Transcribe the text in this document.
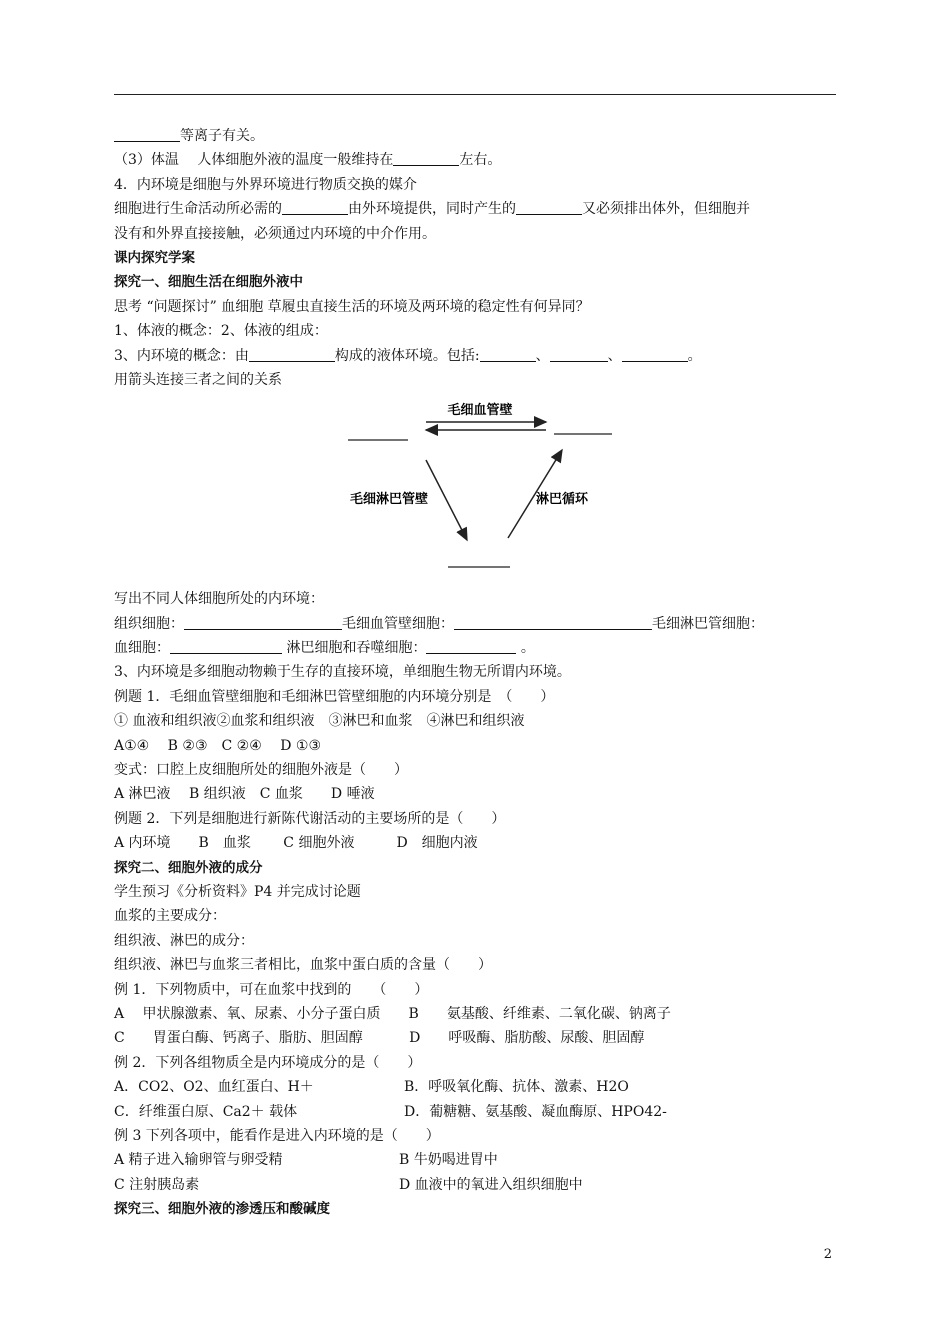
等离子有关。
（3）体温　 人体细胞外液的温度一般维持在	左右。
4．内环境是细胞与外界环境进行物质交换的媒介
细胞进行生命活动所必需的	由外环境提供，同时产生的	又必须排出体外，但细胞并
没有和外界直接接触，必须通过内环境的中介作用。
课内探究学案
探究一、细胞生活在细胞外液中
思考 “问题探讨” 血细胞 草履虫直接生活的环境及两环境的稳定性有何异同？
1、体液的概念：2、体液的组成：
3、内环境的概念：由	构成的液体环境。包括:	、	、	。
用箭头连接三者之间的关系
毛细血管壁
毛细淋巴管壁	淋巴循环
写出不同人体细胞所处的内环境：
组织细胞：	毛细血管壁细胞：	毛细淋巴管细胞：
血细胞：	淋巴细胞和吞噬细胞：	。
3、内环境是多细胞动物赖于生存的直接环境，单细胞生物无所谓内环境。
例题 1．毛细血管壁细胞和毛细淋巴管壁细胞的内环境分别是　（　　）
① 血液和组织液②血浆和组织液　③淋巴和血浆　④淋巴和组织液
A①④　 B ②③　C ②④　 D ①③
变式：口腔上皮细胞所处的细胞外液是（　　）
A 淋巴液　 B 组织液　C 血浆　　D 唾液
例题 2．下列是细胞进行新陈代谢活动的主要场所的是（　　）
A 内环境　　B　血浆　　 C 细胞外液　　　D　细胞内液
探究二、细胞外液的成分
学生预习《分析资料》P4 并完成讨论题
血浆的主要成分：
组织液、淋巴的成分：
组织液、淋巴与血浆三者相比，血浆中蛋白质的含量（　　）
例 1．下列物质中，可在血浆中找到的　　（　　）
A　 甲状腺激素、氧、尿素、小分子蛋白质　　B　　氨基酸、纤维素、二氧化碳、钠离子
C　　胃蛋白酶、钙离子、脂肪、胆固醇　　　 D　　呼吸酶、脂肪酸、尿酸、胆固醇
例 2．下列各组物质全是内环境成分的是（　　）
A．CO2、O2、血红蛋白、H＋	B．呼吸氧化酶、抗体、激素、H2O
C．纤维蛋白原、Ca2＋ 载体	D．葡糖糖、氨基酸、凝血酶原、HPO42-
例 3 下列各项中，能看作是进入内环境的是（　　）
A 精子进入输卵管与卵受精	B 牛奶喝进胃中
C 注射胰岛素	D 血液中的氧进入组织细胞中
探究三、细胞外液的渗透压和酸碱度
2
